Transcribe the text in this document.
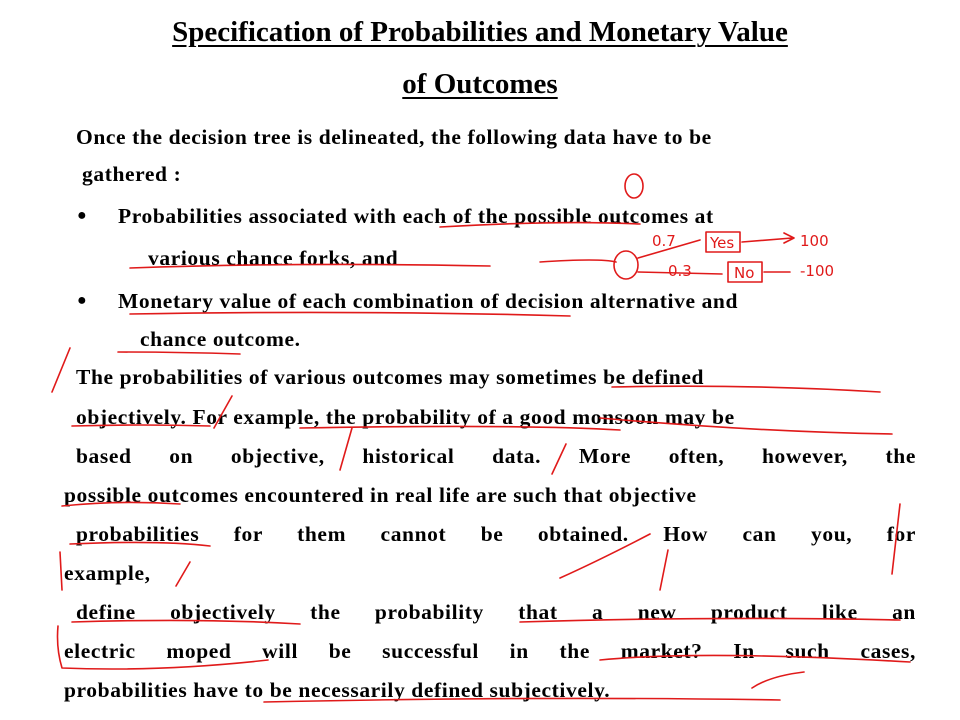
Specification of Probabilities and Monetary Value
of Outcomes
Once the decision tree is delineated, the following data have to be
gathered :
● Probabilities associated with each of the possible outcomes at
various chance forks, and
● Monetary value of each combination of decision alternative and
chance outcome.
The probabilities of various outcomes may sometimes be defined
objectively. For example, the probability of a good monsoon may be
based on objective, historical data. More often, however, the
possible outcomes encountered in real life are such that objective
probabilities for them cannot be obtained. How can you, for
example,
define objectively the probability that a new product like an
electric moped will be successful in the market? In such cases,
probabilities have to be necessarily defined subjectively.
0.7
0.3
Yes
No
100
-100
